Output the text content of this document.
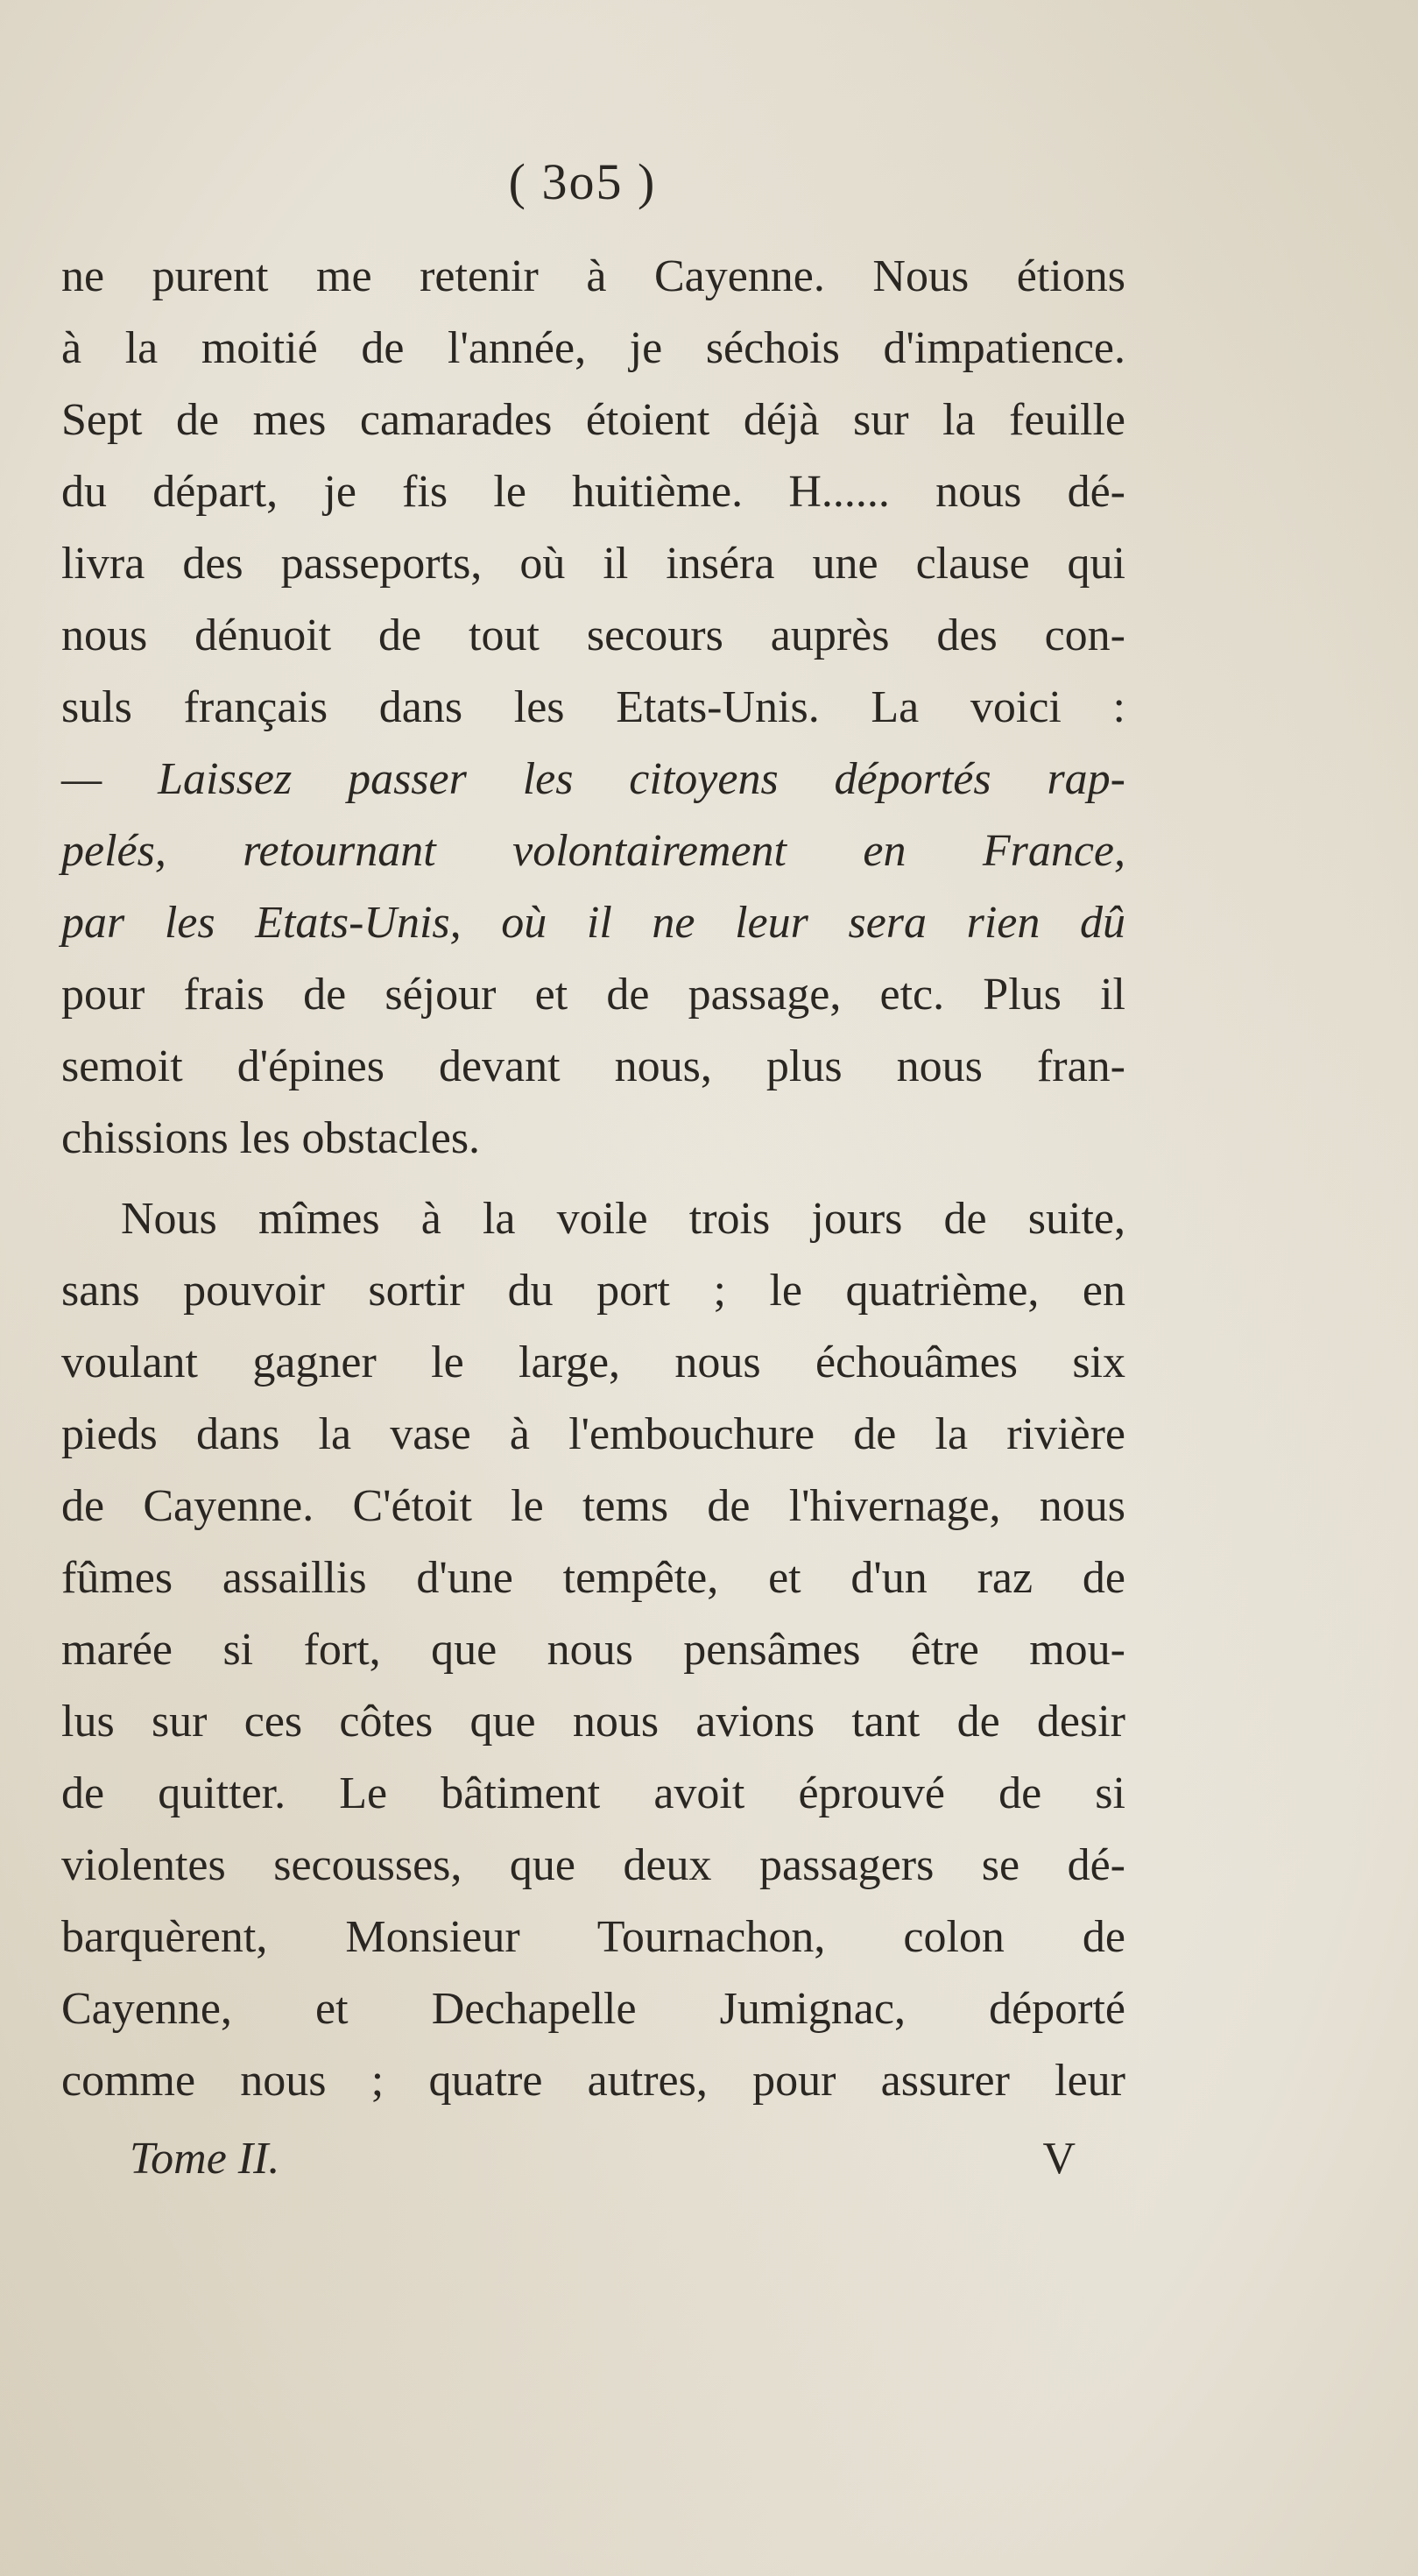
( 3o5 )
ne purent me retenir à Cayenne. Nous étions
à la moitié de l'année, je séchois d'impatience.
Sept de mes camarades étoient déjà sur la feuille
du départ, je fis le huitième. H...... nous dé-
livra des passeports, où il inséra une clause qui
nous dénuoit de tout secours auprès des con-
suls français dans les Etats-Unis. La voici :
— Laissez passer les citoyens déportés rap-
pelés, retournant volontairement en France,
par les Etats-Unis, où il ne leur sera rien dû
pour frais de séjour et de passage, etc. Plus il
semoit d'épines devant nous, plus nous fran-
chissions les obstacles.
Nous mîmes à la voile trois jours de suite,
sans pouvoir sortir du port ; le quatrième, en
voulant gagner le large, nous échouâmes six
pieds dans la vase à l'embouchure de la rivière
de Cayenne. C'étoit le tems de l'hivernage, nous
fûmes assaillis d'une tempête, et d'un raz de
marée si fort, que nous pensâmes être mou-
lus sur ces côtes que nous avions tant de desir
de quitter. Le bâtiment avoit éprouvé de si
violentes secousses, que deux passagers se dé-
barquèrent, Monsieur Tournachon, colon de
Cayenne, et Dechapelle Jumignac, déporté
comme nous ; quatre autres, pour assurer leur
Tome II.	V
